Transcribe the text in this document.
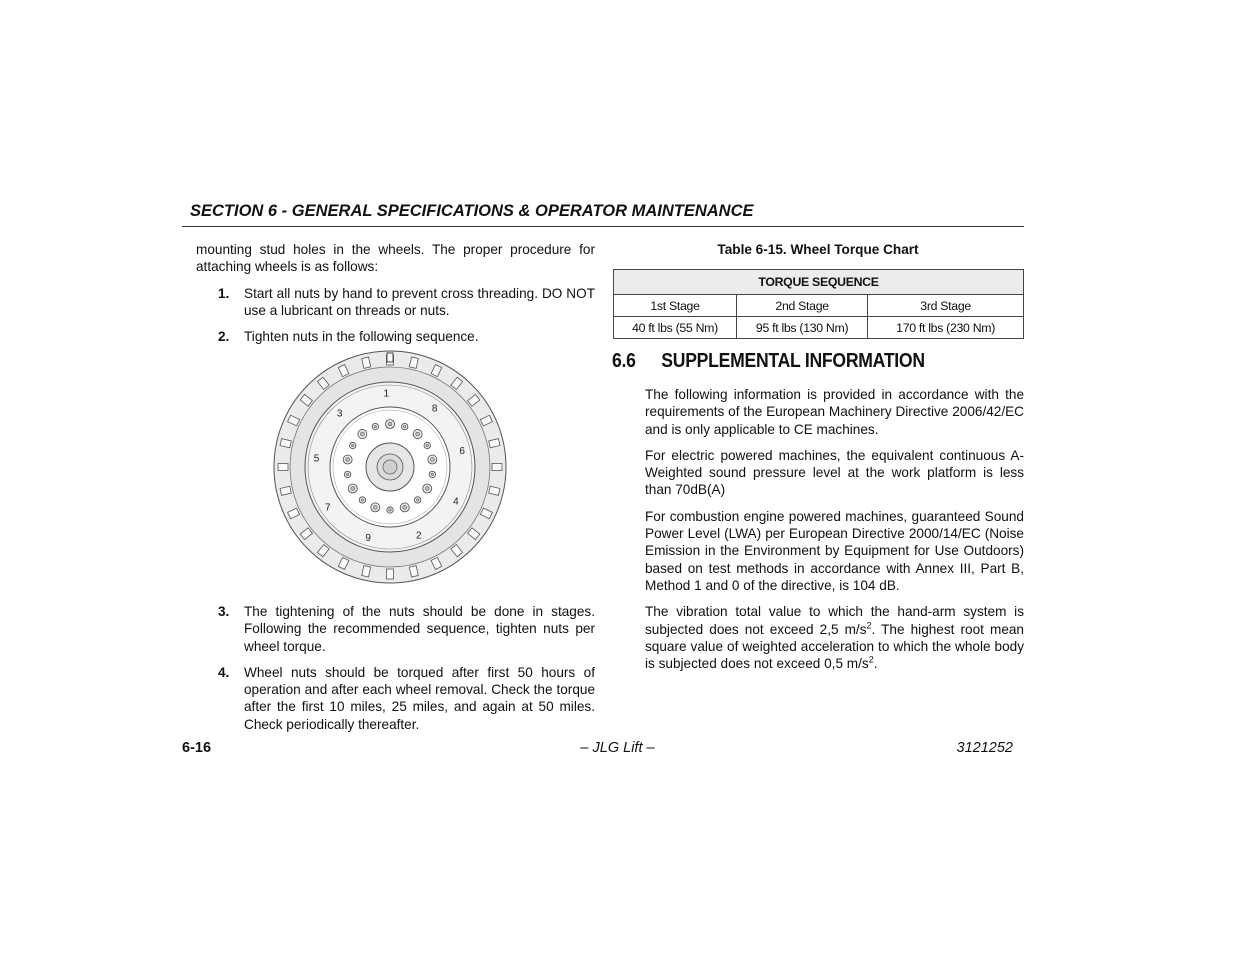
SECTION 6 - GENERAL SPECIFICATIONS & OPERATOR MAINTENANCE

mounting stud holes in the wheels. The proper procedure for attaching wheels is as follows:

1.	Start all nuts by hand to prevent cross threading. DO NOT use a lubricant on threads or nuts.
2.	Tighten nuts in the following sequence.
1
8
6
4
2
9
7
5
3
3.	The tightening of the nuts should be done in stages. Following the recommended sequence, tighten nuts per wheel torque.
4.	Wheel nuts should be torqued after first 50 hours of operation and after each wheel removal. Check the torque after the first 10 miles, 25 miles, and again at 50 miles. Check periodically thereafter.
Table 6-15. Wheel Torque Chart
TORQUE SEQUENCE		
1st Stage	2nd Stage	3rd Stage
40 ft lbs (55 Nm)	95 ft lbs (130 Nm)	170 ft lbs (230 Nm)
6.6 SUPPLEMENTAL INFORMATION

The following information is provided in accordance with the requirements of the European Machinery Directive 2006/42/EC and is only applicable to CE machines.

For electric powered machines, the equivalent continuous A-Weighted sound pressure level at the work platform is less than 70dB(A)

For combustion engine powered machines, guaranteed Sound Power Level (LWA) per European Directive 2000/14/EC (Noise Emission in the Environment by Equipment for Use Outdoors) based on test methods in accordance with Annex III, Part B, Method 1 and 0 of the directive, is 104 dB.

The vibration total value to which the hand-arm system is subjected does not exceed 2,5 $m/s^2$. The highest root mean square value of weighted acceleration to which the whole body is subjected does not exceed 0,5 $m/s^2$.

6-16	– JLG Lift –	3121252
